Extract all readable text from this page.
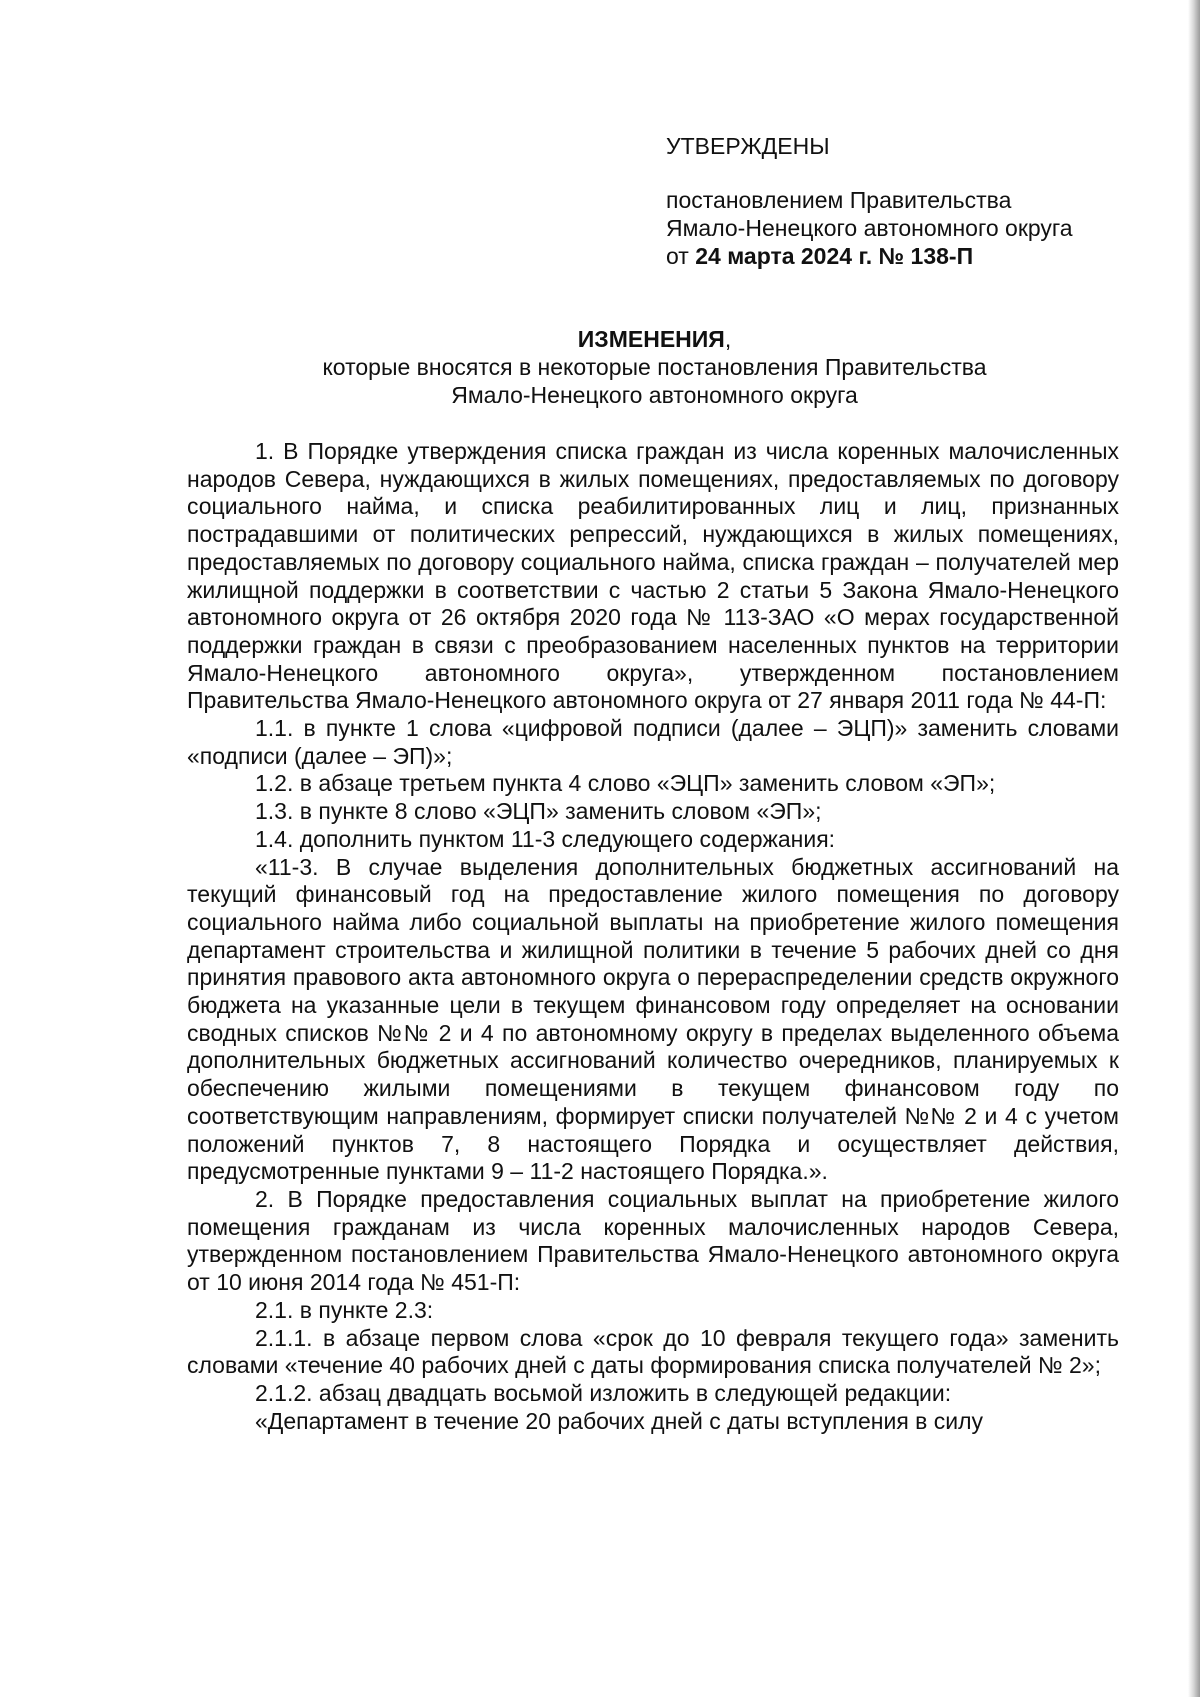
УТВЕРЖДЕНЫ
постановлением Правительства
Ямало-Ненецкого автономного округа
от 24 марта 2024 г. № 138-П
ИЗМЕНЕНИЯ,
которые вносятся в некоторые постановления Правительства
Ямало-Ненецкого автономного округа

1. В Порядке утверждения списка граждан из числа коренных малочисленных народов Севера, нуждающихся в жилых помещениях, предоставляемых по договору социального найма, и списка реабилитированных лиц и лиц, признанных пострадавшими от политических репрессий, нуждающихся в жилых помещениях, предоставляемых по договору социального найма, списка граждан – получателей мер жилищной поддержки в соответствии с частью 2 статьи 5 Закона Ямало-Ненецкого автономного округа от 26 октября 2020 года № 113-ЗАО «О мерах государственной поддержки граждан в связи с преобразованием населенных пунктов на территории Ямало-Ненецкого автономного округа», утвержденном постановлением Правительства Ямало-Ненецкого автономного округа от 27 января 2011 года № 44-П:

1.1. в пункте 1 слова «цифровой подписи (далее – ЭЦП)» заменить словами «подписи (далее – ЭП)»;

1.2. в абзаце третьем пункта 4 слово «ЭЦП» заменить словом «ЭП»;

1.3. в пункте 8 слово «ЭЦП» заменить словом «ЭП»;

1.4. дополнить пунктом 11-3 следующего содержания:

«11-3. В случае выделения дополнительных бюджетных ассигнований на текущий финансовый год на предоставление жилого помещения по договору социального найма либо социальной выплаты на приобретение жилого помещения департамент строительства и жилищной политики в течение 5 рабочих дней со дня принятия правового акта автономного округа о перераспределении средств окружного бюджета на указанные цели в текущем финансовом году определяет на основании сводных списков №№ 2 и 4 по автономному округу в пределах выделенного объема дополнительных бюджетных ассигнований количество очередников, планируемых к обеспечению жилыми помещениями в текущем финансовом году по соответствующим направлениям, формирует списки получателей №№ 2 и 4 с учетом положений пунктов 7, 8 настоящего Порядка и осуществляет действия, предусмотренные пунктами 9 – 11-2 настоящего Порядка.».

2. В Порядке предоставления социальных выплат на приобретение жилого помещения гражданам из числа коренных малочисленных народов Севера, утвержденном постановлением Правительства Ямало-Ненецкого автономного округа от 10 июня 2014 года № 451-П:

2.1. в пункте 2.3:

2.1.1. в абзаце первом слова «срок до 10 февраля текущего года» заменить словами «течение 40 рабочих дней с даты формирования списка получателей № 2»;

2.1.2. абзац двадцать восьмой изложить в следующей редакции:

«Департамент в течение 20 рабочих дней с даты вступления в силу
